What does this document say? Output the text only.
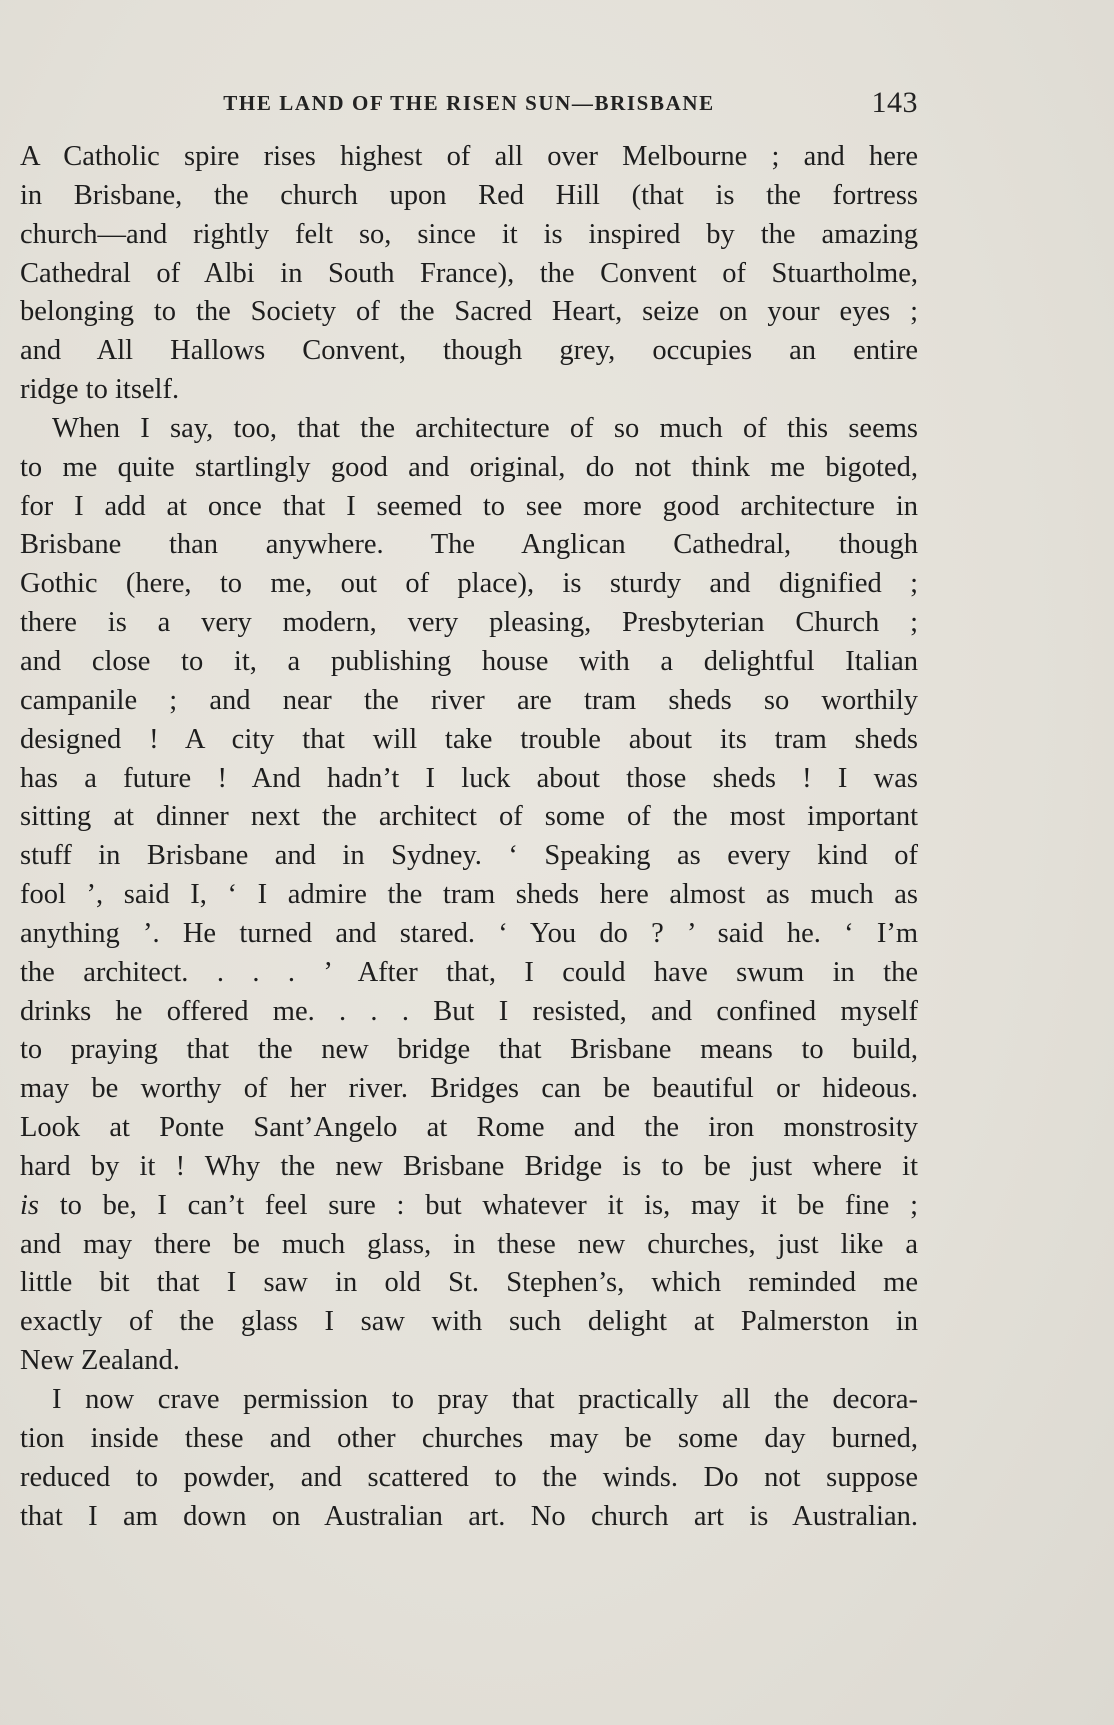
THE LAND OF THE RISEN SUN—BRISBANE	143
A Catholic spire rises highest of all over Melbourne ; and here
in Brisbane, the church upon Red Hill (that is the fortress
church—and rightly felt so, since it is inspired by the amazing
Cathedral of Albi in South France), the Convent of Stuartholme,
belonging to the Society of the Sacred Heart, seize on your eyes ;
and All Hallows Convent, though grey, occupies an entire
ridge to itself.
When I say, too, that the architecture of so much of this seems
to me quite startlingly good and original, do not think me bigoted,
for I add at once that I seemed to see more good architecture in
Brisbane than anywhere. The Anglican Cathedral, though
Gothic (here, to me, out of place), is sturdy and dignified ;
there is a very modern, very pleasing, Presbyterian Church ;
and close to it, a publishing house with a delightful Italian
campanile ; and near the river are tram sheds so worthily
designed ! A city that will take trouble about its tram sheds
has a future ! And hadn’t I luck about those sheds ! I was
sitting at dinner next the architect of some of the most important
stuff in Brisbane and in Sydney. ‘ Speaking as every kind of
fool ’, said I, ‘ I admire the tram sheds here almost as much as
anything ’. He turned and stared. ‘ You do ? ’ said he. ‘ I’m
the architect. . . . ’ After that, I could have swum in the
drinks he offered me. . . . But I resisted, and confined myself
to praying that the new bridge that Brisbane means to build,
may be worthy of her river. Bridges can be beautiful or hideous.
Look at Ponte Sant’Angelo at Rome and the iron monstrosity
hard by it ! Why the new Brisbane Bridge is to be just where it
is to be, I can’t feel sure : but whatever it is, may it be fine ;
and may there be much glass, in these new churches, just like a
little bit that I saw in old St. Stephen’s, which reminded me
exactly of the glass I saw with such delight at Palmerston in
New Zealand.
I now crave permission to pray that practically all the decora-
tion inside these and other churches may be some day burned,
reduced to powder, and scattered to the winds. Do not suppose
that I am down on Australian art. No church art is Australian.
